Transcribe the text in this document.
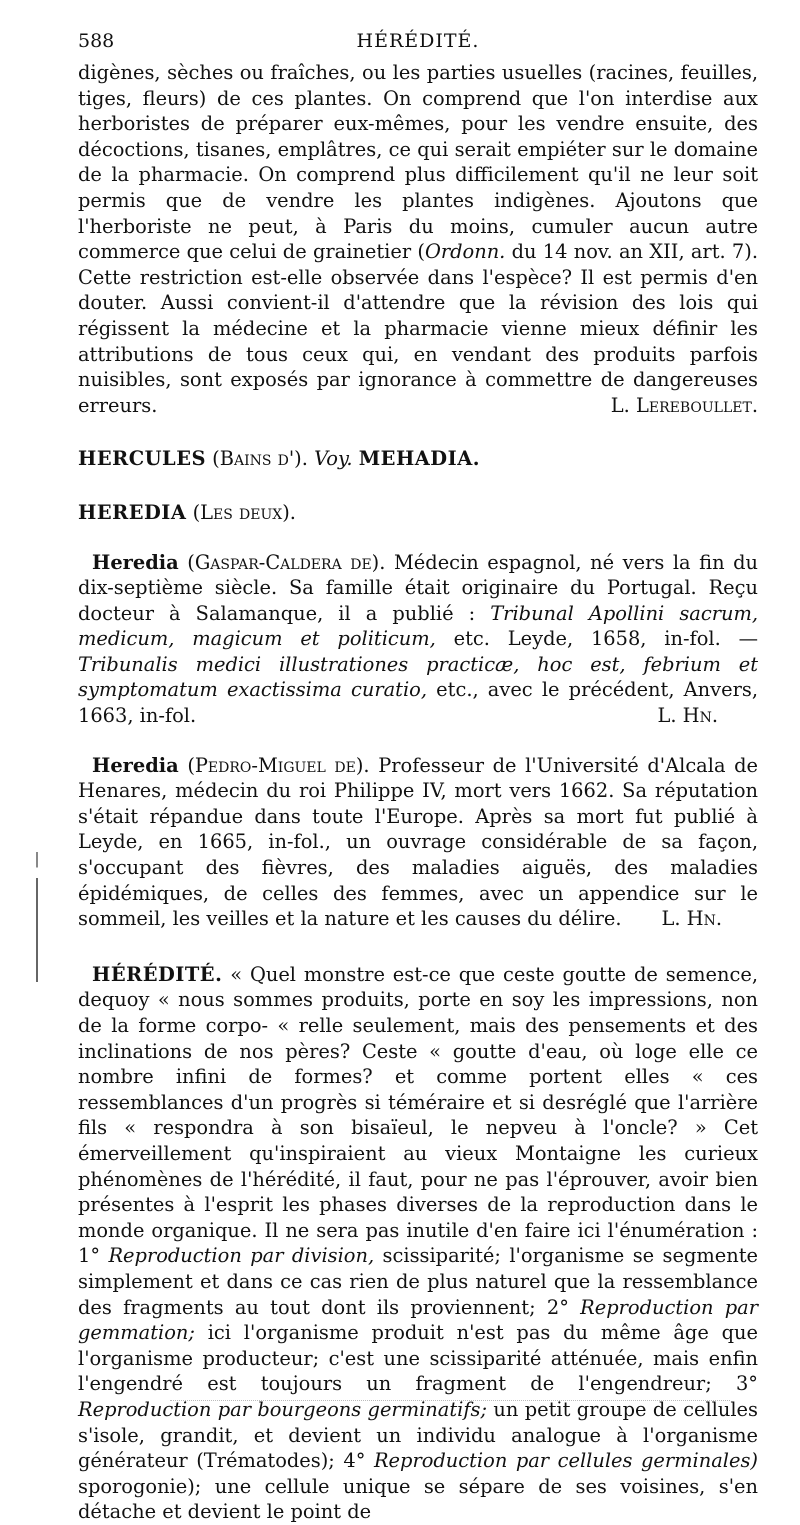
588	HÉRÉDITÉ.

digènes, sèches ou fraîches, ou les parties usuelles (racines, feuilles, tiges, fleurs) de ces plantes. On comprend que l'on interdise aux herboristes de préparer eux-mêmes, pour les vendre ensuite, des décoctions, tisanes, emplâtres, ce qui serait empiéter sur le domaine de la pharmacie. On comprend plus difficilement qu'il ne leur soit permis que de vendre les plantes indigènes. Ajoutons que l'herboriste ne peut, à Paris du moins, cumuler aucun autre commerce que celui de grainetier (Ordonn. du 14 nov. an XII, art. 7). Cette restriction est-elle observée dans l'espèce? Il est permis d'en douter. Aussi convient-il d'attendre que la révision des lois qui régissent la médecine et la pharmacie vienne mieux définir les attributions de tous ceux qui, en vendant des produits parfois nuisibles, sont exposés par ignorance à commettre de dangereuses erreurs.	L. Lereboullet.

HERCULES (Bains d'). Voy. MEHADIA.

HEREDIA (Les deux).

Heredia (Gaspar-Caldera de). Médecin espagnol, né vers la fin du dix-septième siècle. Sa famille était originaire du Portugal. Reçu docteur à Salamanque, il a publié : Tribunal Apollini sacrum, medicum, magicum et politicum, etc. Leyde, 1658, in-fol. — Tribunalis medici illustrationes practicæ, hoc est, febrium et symptomatum exactissima curatio, etc., avec le précédent, Anvers, 1663, in-fol.	L. Hn.

Heredia (Pedro-Miguel de). Professeur de l'Université d'Alcala de Henares, médecin du roi Philippe IV, mort vers 1662. Sa réputation s'était répandue dans toute l'Europe. Après sa mort fut publié à Leyde, en 1665, in-fol., un ouvrage considérable de sa façon, s'occupant des fièvres, des maladies aiguës, des maladies épidémiques, de celles des femmes, avec un appendice sur le sommeil, les veilles et la nature et les causes du délire.	L. Hn.

HÉRÉDITÉ. « Quel monstre est-ce que ceste goutte de semence, dequoy « nous sommes produits, porte en soy les impressions, non de la forme corpo- « relle seulement, mais des pensements et des inclinations de nos pères? Ceste « goutte d'eau, où loge elle ce nombre infini de formes? et comme portent elles « ces ressemblances d'un progrès si téméraire et si desréglé que l'arrière fils « respondra à son bisaïeul, le nepveu à l'oncle? » Cet émerveillement qu'inspiraient au vieux Montaigne les curieux phénomènes de l'hérédité, il faut, pour ne pas l'éprouver, avoir bien présentes à l'esprit les phases diverses de la reproduction dans le monde organique. Il ne sera pas inutile d'en faire ici l'énumération : 1° Reproduction par division, scissiparité; l'organisme se segmente simplement et dans ce cas rien de plus naturel que la ressemblance des fragments au tout dont ils proviennent; 2° Reproduction par gemmation; ici l'organisme produit n'est pas du même âge que l'organisme producteur; c'est une scissiparité atténuée, mais enfin l'engendré est toujours un fragment de l'engendreur; 3° Reproduction par bourgeons germinatifs; un petit groupe de cellules s'isole, grandit, et devient un individu analogue à l'organisme générateur (Trématodes); 4° Reproduction par cellules germinales) sporogonie); une cellule unique se sépare de ses voisines, s'en détache et devient le point de
